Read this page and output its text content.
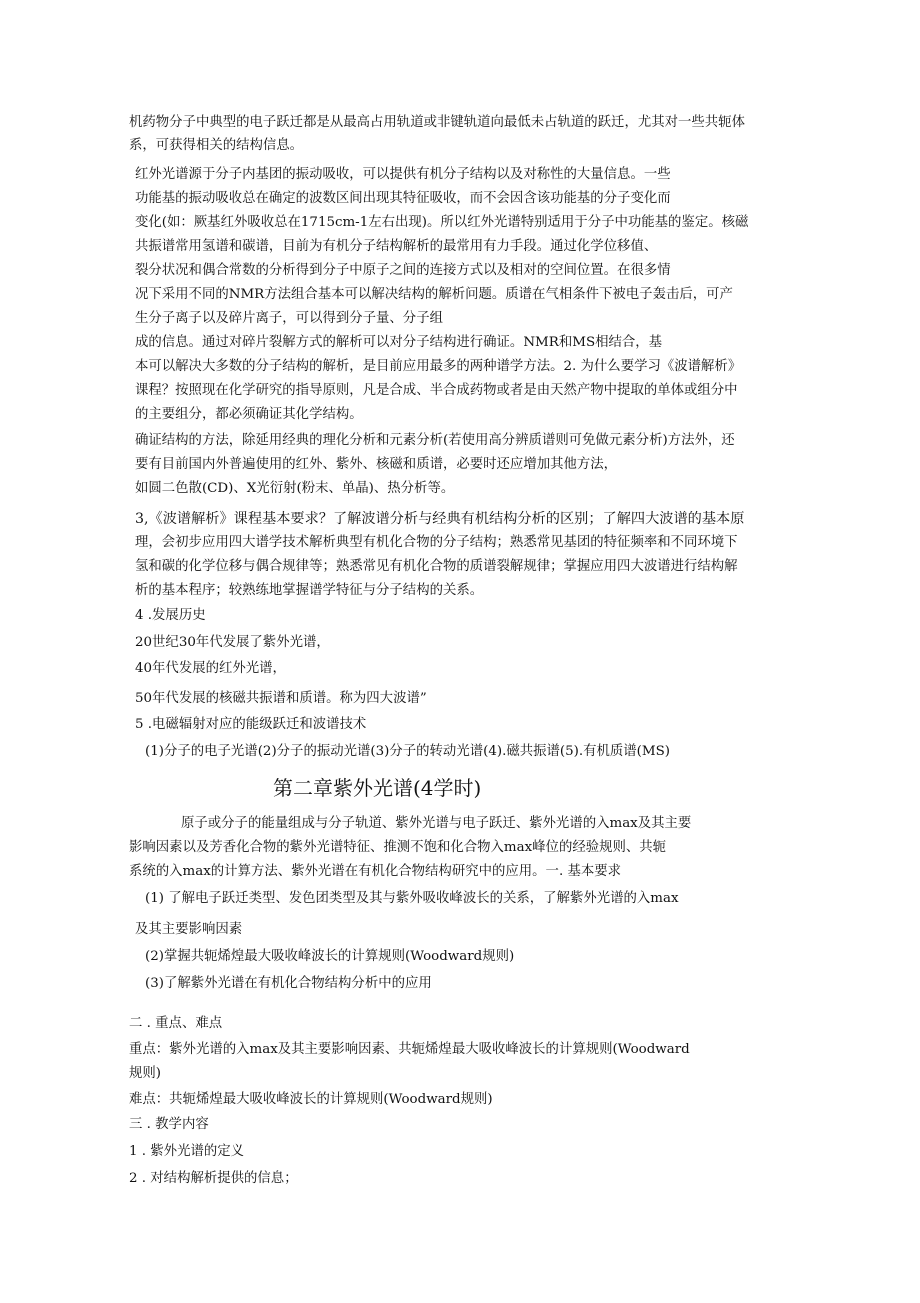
机药物分子中典型的电子跃迁都是从最高占用轨道或非键轨道向最低未占轨道的跃迁，尤其对一些共轭体
系，可获得相关的结构信息。
红外光谱源于分子内基团的振动吸收，可以提供有机分子结构以及对称性的大量信息。一些
功能基的振动吸收总在确定的波数区间出现其特征吸收，而不会因含该功能基的分子变化而
变化(如：厥基红外吸收总在1715cm-1左右出现)。所以红外光谱特别适用于分子中功能基的鉴定。核磁
共振谱常用氢谱和碳谱，目前为有机分子结构解析的最常用有力手段。通过化学位移值、
裂分状况和偶合常数的分析得到分子中原子之间的连接方式以及相对的空间位置。在很多情
况下采用不同的NMR方法组合基本可以解决结构的解析问题。质谱在气相条件下被电子轰击后，可产
生分子离子以及碎片离子，可以得到分子量、分子组
成的信息。通过对碎片裂解方式的解析可以对分子结构进行确证。NMR和MS相结合，基
本可以解决大多数的分子结构的解析，是目前应用最多的两种谱学方法。2. 为什么要学习《波谱解析》
课程？按照现在化学研究的指导原则，凡是合成、半合成药物或者是由天然产物中提取的单体或组分中
的主要组分，都必须确证其化学结构。
确证结构的方法，除延用经典的理化分析和元素分析(若使用高分辨质谱则可免做元素分析)方法外，还
要有目前国内外普遍使用的红外、紫外、核磁和质谱，必要时还应增加其他方法，
如圆二色散(CD)、X光衍射(粉末、单晶)、热分析等。
3,《波谱解析》课程基本要求？了解波谱分析与经典有机结构分析的区别；了解四大波谱的基本原
理，会初步应用四大谱学技术解析典型有机化合物的分子结构；熟悉常见基团的特征频率和不同环境下
氢和碳的化学位移与偶合规律等；熟悉常见有机化合物的质谱裂解规律；掌握应用四大波谱进行结构解
析的基本程序；较熟练地掌握谱学特征与分子结构的关系。
4 .发展历史
20世纪30年代发展了紫外光谱，
40年代发展的红外光谱，
50年代发展的核磁共振谱和质谱。称为四大波谱”
5 .电磁辐射对应的能级跃迁和波谱技术
(1)分子的电子光谱(2)分子的振动光谱(3)分子的转动光谱(4).磁共振谱(5).有机质谱(MS)
第二章紫外光谱(4学时)
原子或分子的能量组成与分子轨道、紫外光谱与电子跃迁、紫外光谱的入max及其主要
影响因素以及芳香化合物的紫外光谱特征、推测不饱和化合物入max峰位的经验规则、共轭
系统的入max的计算方法、紫外光谱在有机化合物结构研究中的应用。一. 基本要求
(1) 了解电子跃迁类型、发色团类型及其与紫外吸收峰波长的关系，了解紫外光谱的入max
及其主要影响因素
(2)掌握共轭烯煌最大吸收峰波长的计算规则(Woodward规则)
(3)了解紫外光谱在有机化合物结构分析中的应用
二 . 重点、难点
重点：紫外光谱的入max及其主要影响因素、共轭烯煌最大吸收峰波长的计算规则(Woodward
规则)
难点：共轭烯煌最大吸收峰波长的计算规则(Woodward规则)
三 . 教学内容
1 . 紫外光谱的定义
2 . 对结构解析提供的信息；
